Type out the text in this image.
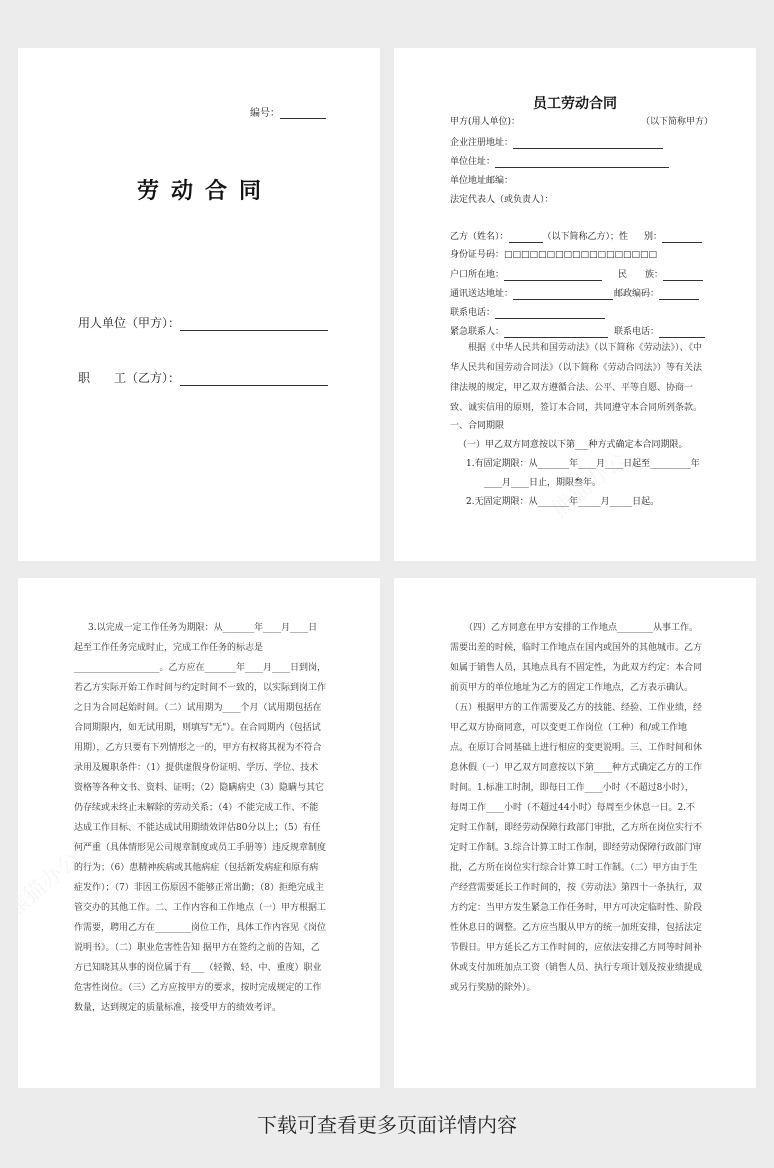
编号：
劳动合同
用人单位（甲方）：
职　　工（乙方）：
员工劳动合同
甲方(用人单位)：	（以下简称甲方）
企业注册地址：
单位住址：
单位地址邮编：
法定代表人（或负责人）：
乙方（姓名）：	（以下简称乙方）；性 别：
身份证号码：□□□□□□□□□□□□□□□□□□
户口所在地：	民　　族：
通讯送达地址：	邮政编码：
联系电话：
紧急联系人：	联系电话：
根据《中华人民共和国劳动法》（以下简称《劳动法》）、《中华人民共和国劳动合同法》（以下简称《劳动合同法》）等有关法律法规的规定，甲乙双方遵循合法、公平、平等自愿、协商一致、诚实信用的原则，签订本合同，共同遵守本合同所列条款。
一、合同期限
（一）甲乙双方同意按以下第___种方式确定本合同期限。
1.有固定期限：从_______年____月____日起至_________年
____月____日止，期限叁年。
2.无固定期限：从_______年_____月_____日起。
3.以完成一定工作任务为期限：从_______年____月____日起至工作任务完成时止，完成工作任务的标志是___________________。乙方应在_______年____月____日到岗，若乙方实际开始工作时间与约定时间不一致的，以实际到岗工作之日为合同起始时间。（二）试用期为____个月（试用期包括在合同期限内，如无试用期，则填写"无"）。在合同期内（包括试用期），乙方只要有下列情形之一的，甲方有权将其视为不符合录用及履职条件：（1）提供虚假身份证明、学历、学位、技术资格等各种文书、资料、证明；（2）隐瞒病史（3）隐瞒与其它仍存续或未终止未解除的劳动关系；（4）不能完成工作、不能达成工作目标、不能达成试用期绩效评估80分以上；（5）有任何严重（具体情形见公司规章制度或员工手册等）违反规章制度的行为；（6）患精神疾病或其他病症（包括新发病症和原有病症发作）；（7）非因工伤原因不能够正常出勤；（8）拒绝完成主管交办的其他工作。二、工作内容和工作地点（一）甲方根据工作需要，聘用乙方在________岗位工作，具体工作内容见《岗位说明书》。（二）职业危害性告知 据甲方在签约之前的告知，乙方已知晓其从事的岗位属于有___（轻微、轻、中、重度）职业危害性岗位。（三）乙方应按甲方的要求，按时完成规定的工作数量，达到规定的质量标准，接受甲方的绩效考评。
（四）乙方同意在甲方安排的工作地点________从事工作。需要出差的时候，临时工作地点在国内或国外的其他城市。乙方如属于销售人员，其地点具有不固定性，为此双方约定：本合同前页甲方的单位地址为乙方的固定工作地点，乙方表示确认。（五）根据甲方的工作需要及乙方的技能、经验、工作业绩，经甲乙双方协商同意，可以变更工作岗位（工种）和/或工作地点。在原订合同基础上进行相应的变更说明。三、工作时间和休息休假（一）甲乙双方同意按以下第____种方式确定乙方的工作时间。1.标准工时制，即每日工作____小时（不超过8小时），每周工作____小时（不超过44小时）每周至少休息一日。2.不定时工作制，即经劳动保障行政部门审批，乙方所在岗位实行不定时工作制。3.综合计算工时工作制，即经劳动保障行政部门审批，乙方所在岗位实行综合计算工时工作制。（二）甲方由于生产经营需要延长工作时间的，按《劳动法》第四十一条执行，双方约定：当甲方发生紧急工作任务时，甲方可决定临时性、阶段性休息日的调整。乙方应当服从甲方的统一加班安排，包括法定节假日。甲方延长乙方工作时间的，应依法安排乙方同等时间补休或支付加班加点工资（销售人员、执行专项计划及按业绩提成或另行奖励的除外）。
下载可查看更多页面详情内容
